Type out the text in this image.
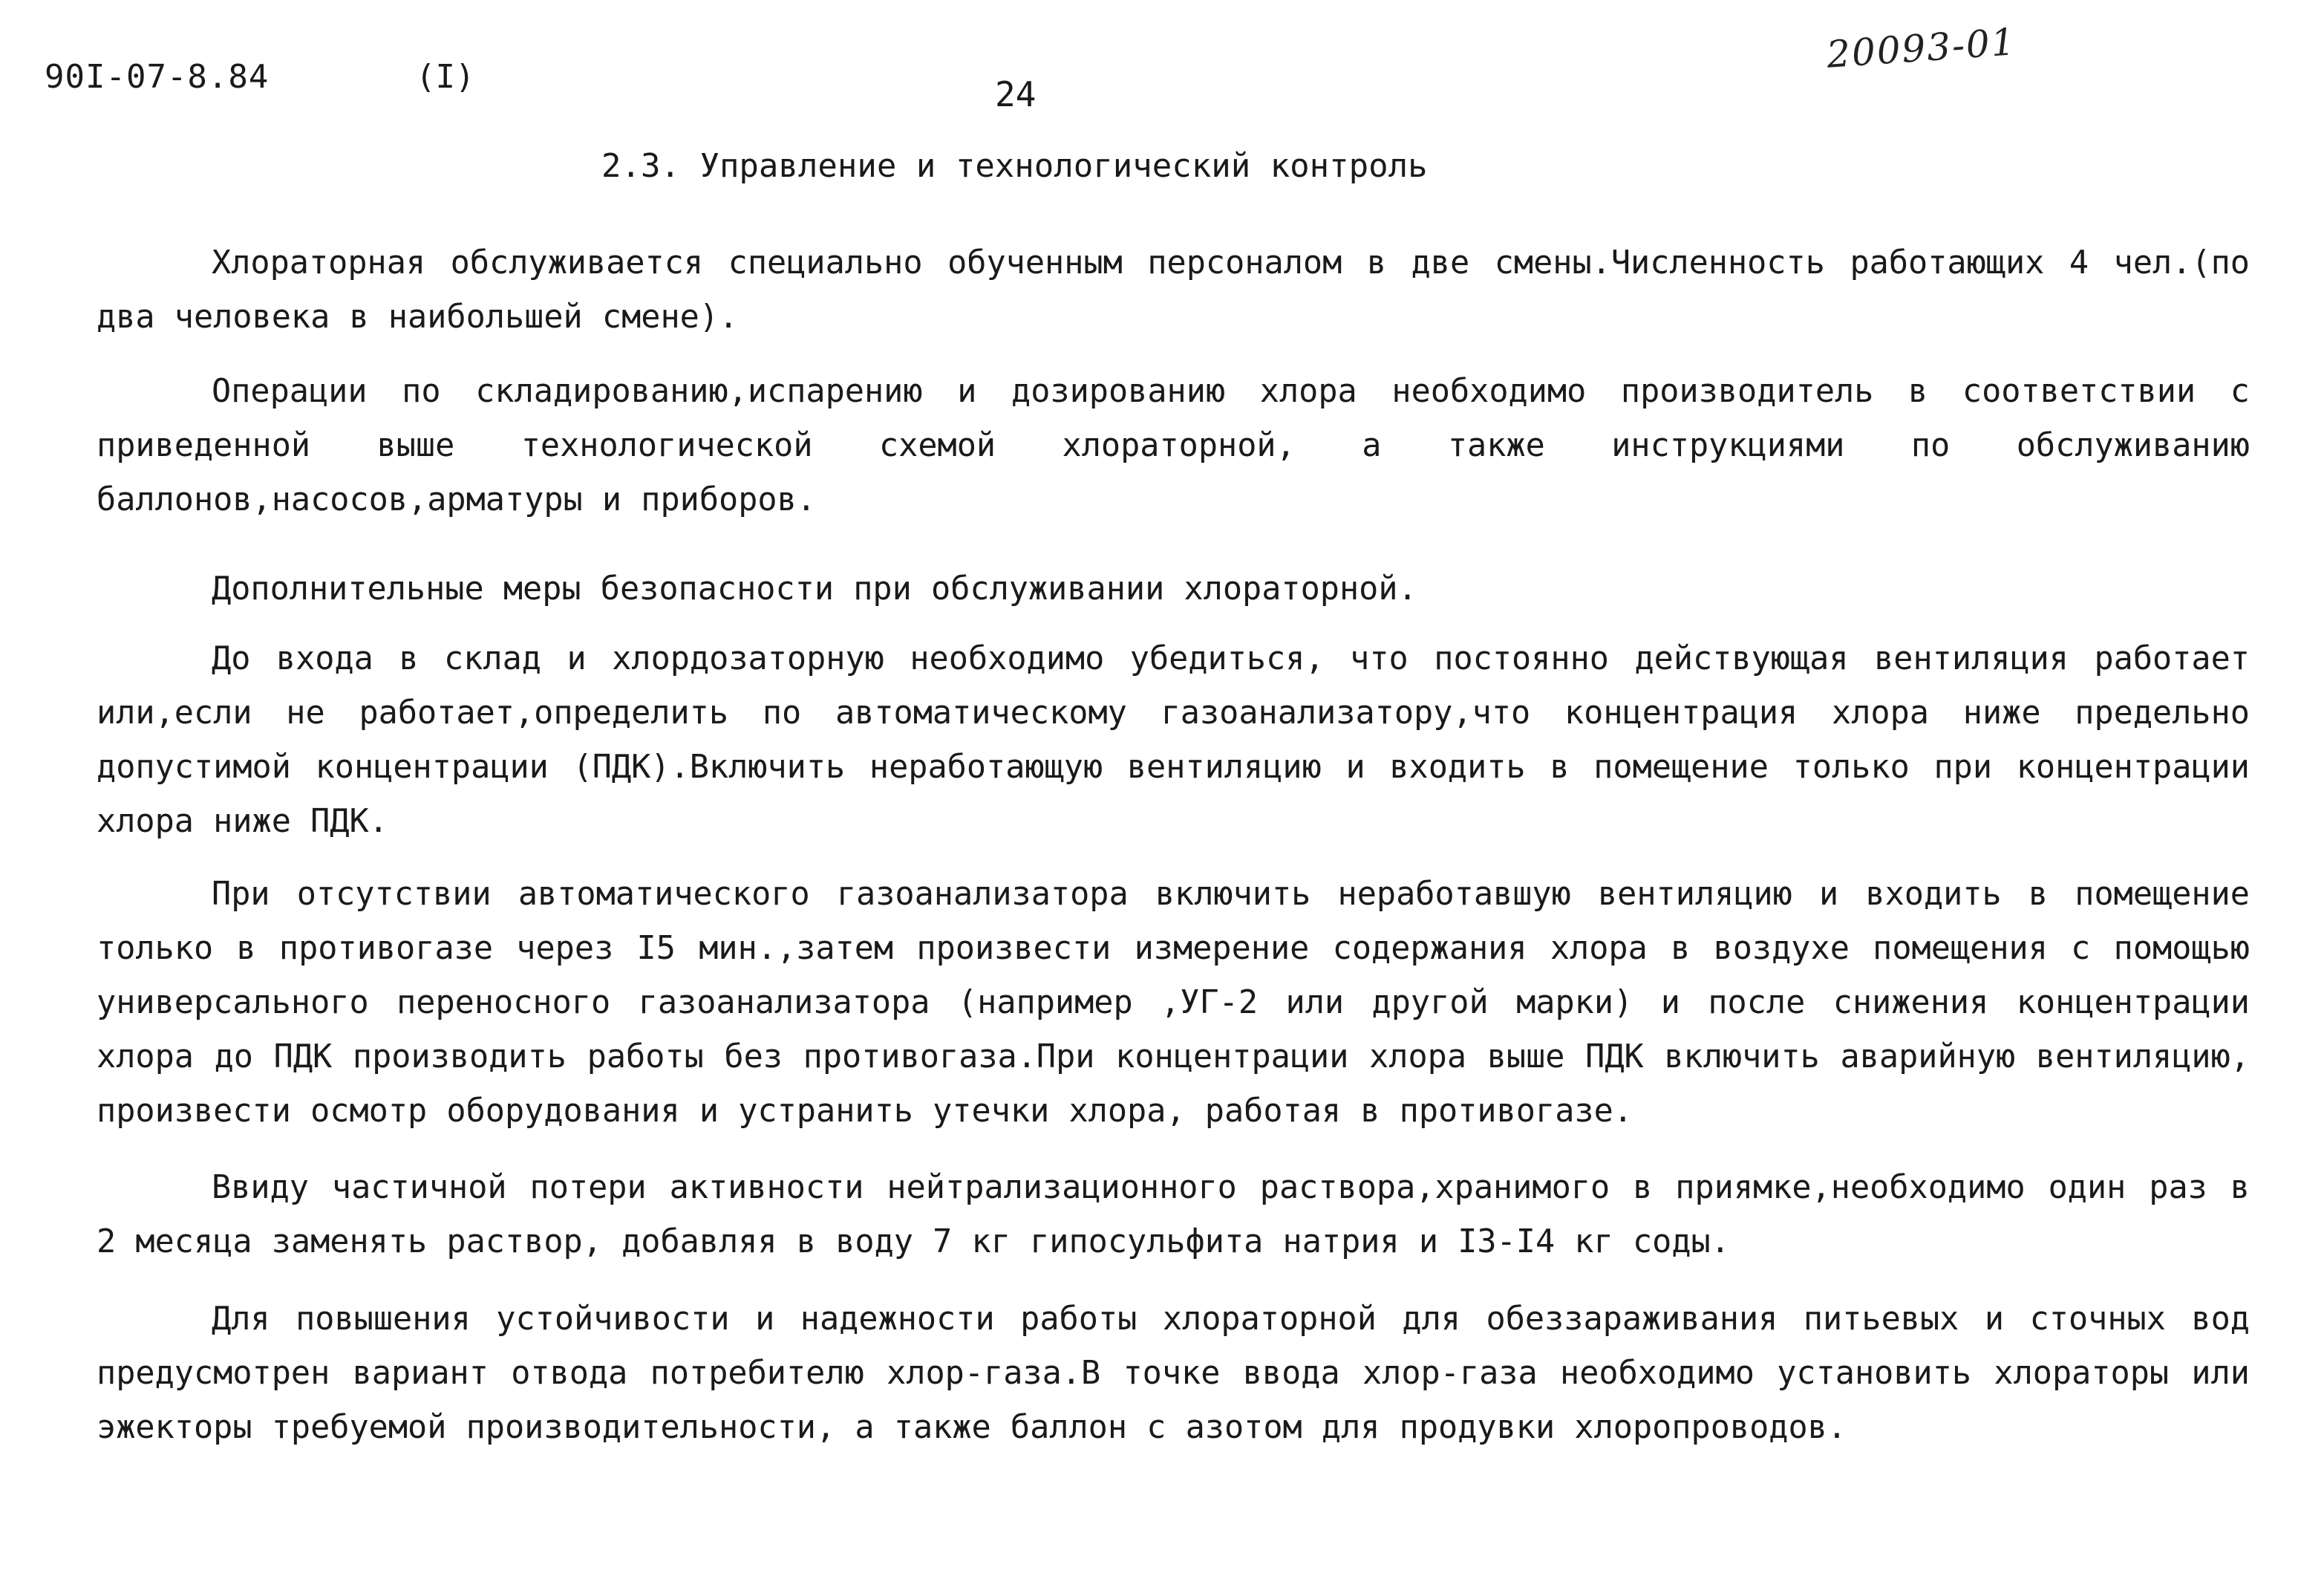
90I-07-8.84	(I)	24
20093-01
2.3. Управление и технологический контроль

Хлораторная обслуживается специально обученным персоналом в две смены.Численность работающих 4 чел.(по два человека в наибольшей смене).

Операции по складированию,испарению и дозированию хлора необходимо производитель в соответствии с приведенной выше технологической схемой хлораторной, а также инструкциями по обслуживанию баллонов,насосов,арматуры и приборов.

Дополнительные меры безопасности при обслуживании хлораторной.

До входа в склад и хлордозаторную необходимо убедиться, что постоянно действующая вентиляция работает или,если не работает,определить по автоматическому газоанализатору,что концентрация хлора ниже предельно допустимой концентрации (ПДК).Включить неработающую вентиляцию и входить в помещение только при концентрации хлора ниже ПДК.

При отсутствии автоматического газоанализатора включить неработавшую вентиляцию и входить в помещение только в противогазе через I5 мин.,затем произвести измерение содержания хлора в воздухе помещения с помощью универсального переносного газоанализатора (например ,УГ-2 или другой марки) и после снижения концентрации хлора до ПДК производить работы без противогаза.При концентрации хлора выше ПДК включить аварийную вентиляцию, произвести осмотр оборудования и устранить утечки хлора, работая в противогазе.

Ввиду частичной потери активности нейтрализационного раствора,хранимого в приямке,необходимо один раз в 2 месяца заменять раствор, добавляя в воду 7 кг гипосульфита натрия и I3-I4 кг соды.

Для повышения устойчивости и надежности работы хлораторной для обеззараживания питьевых и сточных вод предусмотрен вариант отвода потребителю хлор-газа.В точке ввода хлор-газа необходимо установить хлораторы или эжекторы требуемой производительности, а также баллон с азотом для продувки хлоропроводов.
